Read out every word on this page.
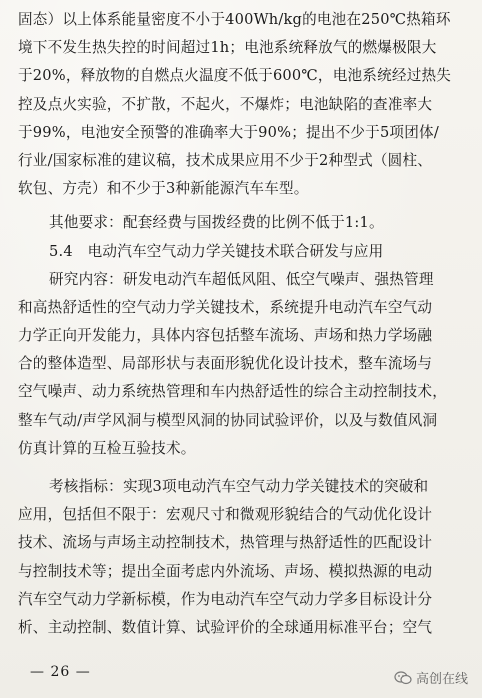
固态）以上体系能量密度不小于400Wh/kg的电池在250℃热箱环
境下不发生热失控的时间超过1h；电池系统释放气的燃爆极限大
于20%，释放物的自燃点火温度不低于600℃，电池系统经过热失
控及点火实验，不扩散，不起火，不爆炸；电池缺陷的查准率大
于99%，电池安全预警的准确率大于90%；提出不少于5项团体/
行业/国家标准的建议稿，技术成果应用不少于2种型式（圆柱、
软包、方壳）和不少于3种新能源汽车车型。
其他要求：配套经费与国拨经费的比例不低于1:1。
5.4　电动汽车空气动力学关键技术联合研发与应用
研究内容：研发电动汽车超低风阻、低空气噪声、强热管理
和高热舒适性的空气动力学关键技术，系统提升电动汽车空气动
力学正向开发能力，具体内容包括整车流场、声场和热力学场融
合的整体造型、局部形状与表面形貌优化设计技术，整车流场与
空气噪声、动力系统热管理和车内热舒适性的综合主动控制技术，
整车气动/声学风洞与模型风洞的协同试验评价，以及与数值风洞
仿真计算的互检互验技术。
考核指标：实现3项电动汽车空气动力学关键技术的突破和
应用，包括但不限于：宏观尺寸和微观形貌结合的气动优化设计
技术、流场与声场主动控制技术，热管理与热舒适性的匹配设计
与控制技术等；提出全面考虑内外流场、声场、模拟热源的电动
汽车空气动力学新标模，作为电动汽车空气动力学多目标设计分
析、主动控制、数值计算、试验评价的全球通用标准平台；空气
— 26 —	高创在线
